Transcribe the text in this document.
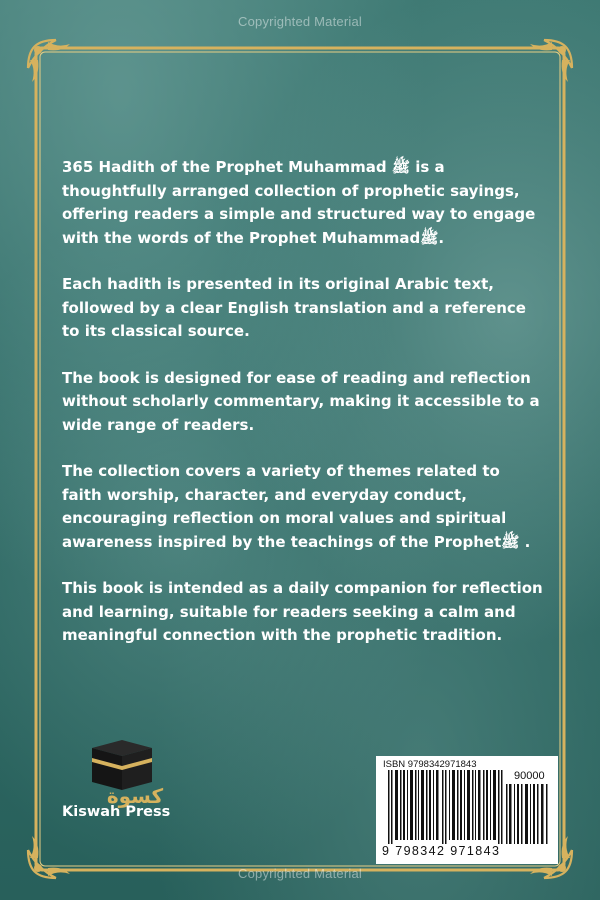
Copyrighted Material

365 Hadith of the Prophet Muhammad ﷺ is a thoughtfully arranged collection of prophetic sayings, offering readers a simple and structured way to engage with the words of the Prophet Muhammadﷺ.

Each hadith is presented in its original Arabic text, followed by a clear English translation and a reference to its classical source.

The book is designed for ease of reading and reflection without scholarly commentary, making it accessible to a wide range of readers.

The collection covers a variety of themes related to faith worship, character, and everyday conduct, encouraging reflection on moral values and spiritual awareness inspired by the teachings of the Prophetﷺ .

This book is intended as a daily companion for reflection and learning, suitable for readers seeking a calm and meaningful connection with the prophetic tradition.

كسوة
Kiswah Press
ISBN 9798342971843
90000
9 798342 971843
Copyrighted Material
